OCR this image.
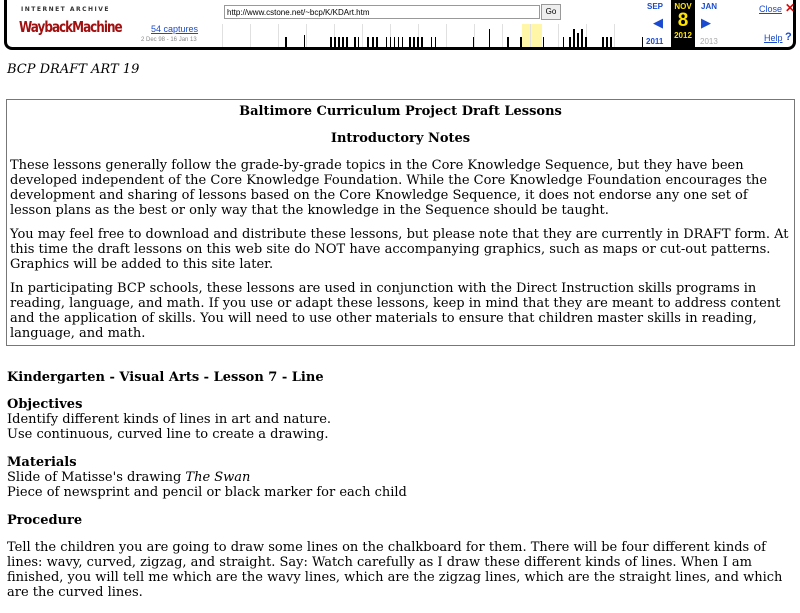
INTERNET ARCHIVE
WaybackMachine	54 captures
2 Dec 98 - 16 Jan 13
http://www.cstone.net/~bcp/K/KDArt.htm
Go
SEP
◀
2011
NOV
8
2012
JAN
▶
2013
Close ✕
Help ?

BCP DRAFT ART 19

Baltimore Curriculum Project Draft Lessons
Introductory Notes

These lessons generally follow the grade-by-grade topics in the Core Knowledge Sequence, but they have been developed independent of the Core Knowledge Foundation. While the Core Knowledge Foundation encourages the development and sharing of lessons based on the Core Knowledge Sequence, it does not endorse any one set of lesson plans as the best or only way that the knowledge in the Sequence should be taught.

You may feel free to download and distribute these lessons, but please note that they are currently in DRAFT form. At this time the draft lessons on this web site do NOT have accompanying graphics, such as maps or cut-out patterns. Graphics will be added to this site later.

In participating BCP schools, these lessons are used in conjunction with the Direct Instruction skills programs in reading, language, and math. If you use or adapt these lessons, keep in mind that they are meant to address content and the application of skills. You will need to use other materials to ensure that children master skills in reading, language, and math.

Kindergarten - Visual Arts - Lesson 7 - Line
Objectives

Identify different kinds of lines in art and nature.
Use continuous, curved line to create a drawing.

Materials

Slide of Matisse's drawing The Swan
Piece of newsprint and pencil or black marker for each child

Procedure

Tell the children you are going to draw some lines on the chalkboard for them. There will be four different kinds of lines: wavy, curved, zigzag, and straight. Say: Watch carefully as I draw these different kinds of lines. When I am finished, you will tell me which are the wavy lines, which are the zigzag lines, which are the straight lines, and which are the curved lines.
